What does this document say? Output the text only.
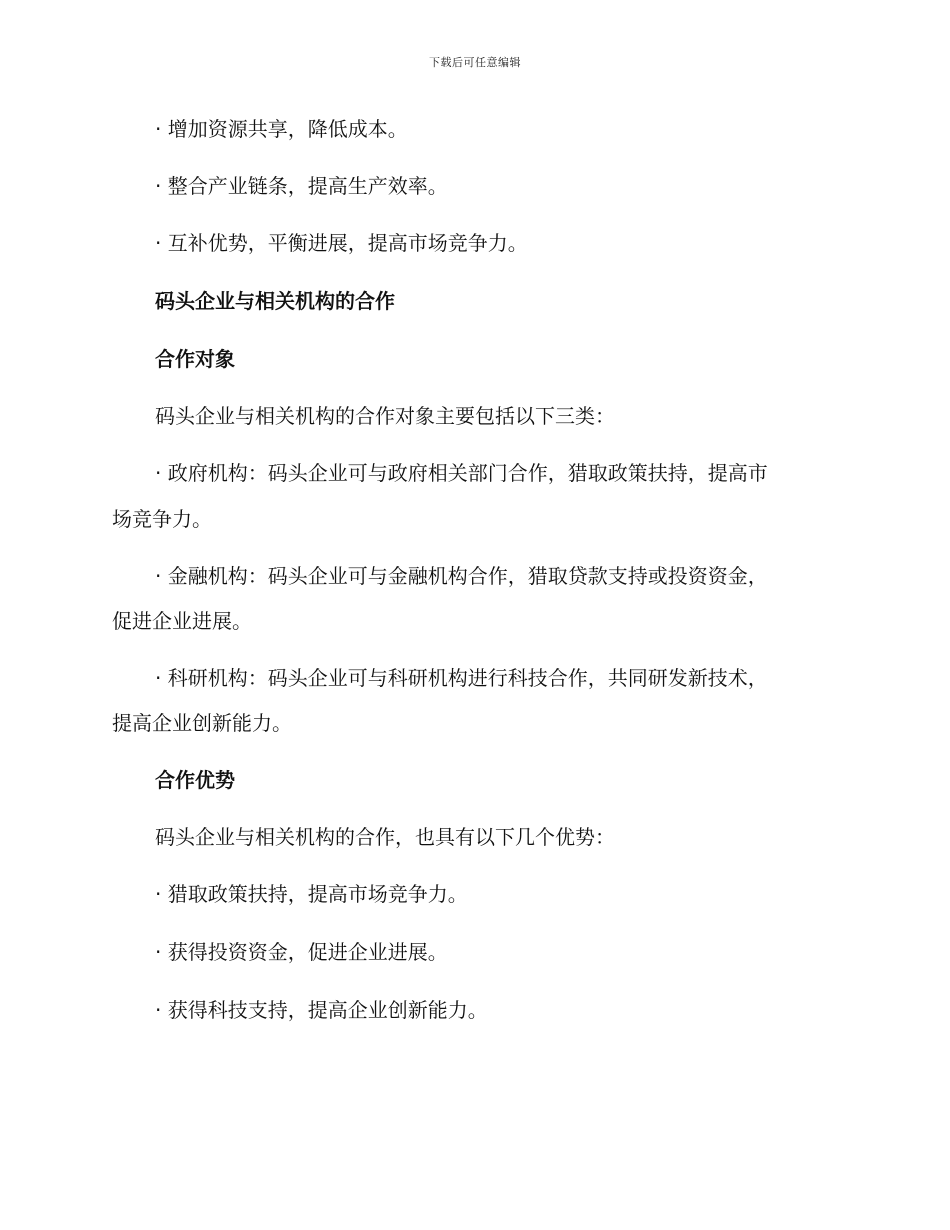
下载后可任意编辑
· 增加资源共享，降低成本。
· 整合产业链条，提高生产效率。
· 互补优势，平衡进展，提高市场竞争力。
码头企业与相关机构的合作
合作对象
码头企业与相关机构的合作对象主要包括以下三类：
· 政府机构：码头企业可与政府相关部门合作，猎取政策扶持，提高市
场竞争力。
· 金融机构：码头企业可与金融机构合作，猎取贷款支持或投资资金，
促进企业进展。
· 科研机构：码头企业可与科研机构进行科技合作，共同研发新技术，
提高企业创新能力。
合作优势
码头企业与相关机构的合作，也具有以下几个优势：
· 猎取政策扶持，提高市场竞争力。
· 获得投资资金，促进企业进展。
· 获得科技支持，提高企业创新能力。
